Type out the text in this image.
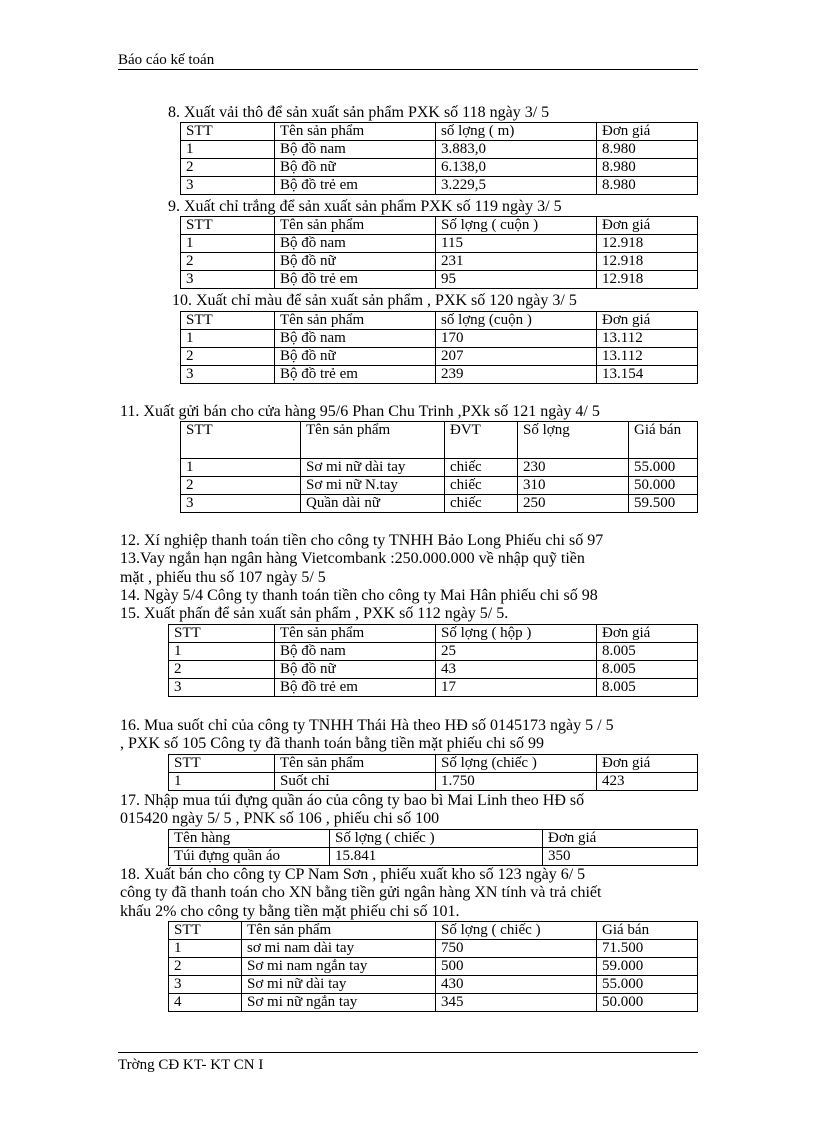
Báo cáo kế toán
8. Xuất vải thô để sản xuất sản phẩm PXK số 118 ngày 3/ 5
STT	Tên sản phẩm	số lợng ( m)	Đơn giá
1	Bộ đồ nam	3.883,0	8.980
2	Bộ đồ nữ	6.138,0	8.980
3	Bộ đồ trẻ em	3.229,5	8.980
9. Xuất chỉ trắng để sản xuất sản phẩm PXK số 119 ngày 3/ 5
STT	Tên sản phẩm	Số lợng ( cuộn )	Đơn giá
1	Bộ đồ nam	115	12.918
2	Bộ đồ nữ	231	12.918
3	Bộ đồ trẻ em	95	12.918
10. Xuất chỉ màu để sản xuất sản phẩm , PXK số 120 ngày 3/ 5
STT	Tên sản phẩm	số lợng (cuộn )	Đơn giá
1	Bộ đồ nam	170	13.112
2	Bộ đồ nữ	207	13.112
3	Bộ đồ trẻ em	239	13.154
11. Xuất gửi bán cho cửa hàng 95/6 Phan Chu Trinh ,PXk số 121 ngày 4/ 5
STT	Tên sản phẩm	ĐVT	Số lợng	Giá bán
1	Sơ mi nữ dài tay	chiếc	230	55.000
2	Sơ mi nữ N.tay	chiếc	310	50.000
3	Quần dài nữ	chiếc	250	59.500
12. Xí nghiệp thanh toán tiền cho công ty TNHH Bảo Long Phiếu chi số 97
13.Vay ngắn hạn ngân hàng Vietcombank :250.000.000 về nhập quỹ tiền
mặt , phiếu thu số 107 ngày 5/ 5
14. Ngày 5/4 Công ty thanh toán tiền cho công ty Mai Hân phiếu chi số 98
15. Xuất phấn để sản xuất sản phẩm , PXK số 112 ngày 5/ 5.
STT	Tên sản phẩm	Số lợng ( hộp )	Đơn giá
1	Bộ đồ nam	25	8.005
2	Bộ đồ nữ	43	8.005
3	Bộ đồ trẻ em	17	8.005
16. Mua suốt chỉ của công ty TNHH Thái Hà theo HĐ số 0145173 ngày 5 / 5
, PXK số 105 Công ty đã thanh toán bằng tiền mặt phiếu chi số 99
STT	Tên sản phẩm	Số lợng (chiếc )	Đơn giá
1	Suốt chỉ	1.750	423
17. Nhập mua túi đựng quần áo của công ty bao bì Mai Linh theo HĐ số
015420 ngày 5/ 5 , PNK số 106 , phiếu chi số 100
Tên hàng	Số lợng ( chiếc )	Đơn giá
Túi đựng quần áo	15.841	350
18. Xuất bán cho công ty CP Nam Sơn , phiếu xuất kho số 123 ngày 6/ 5
công ty đã thanh toán cho XN bằng tiền gửi ngân hàng XN tính và trả chiết
khấu 2% cho công ty bằng tiền mặt phiếu chi số 101.
STT	Tên sản phẩm	Số lợng ( chiếc )	Giá bán
1	sơ mi nam dài tay	750	71.500
2	Sơ mi nam ngắn tay	500	59.000
3	Sơ mi nữ dài tay	430	55.000
4	Sơ mi nữ ngắn tay	345	50.000
Trờng CĐ KT- KT CN I
